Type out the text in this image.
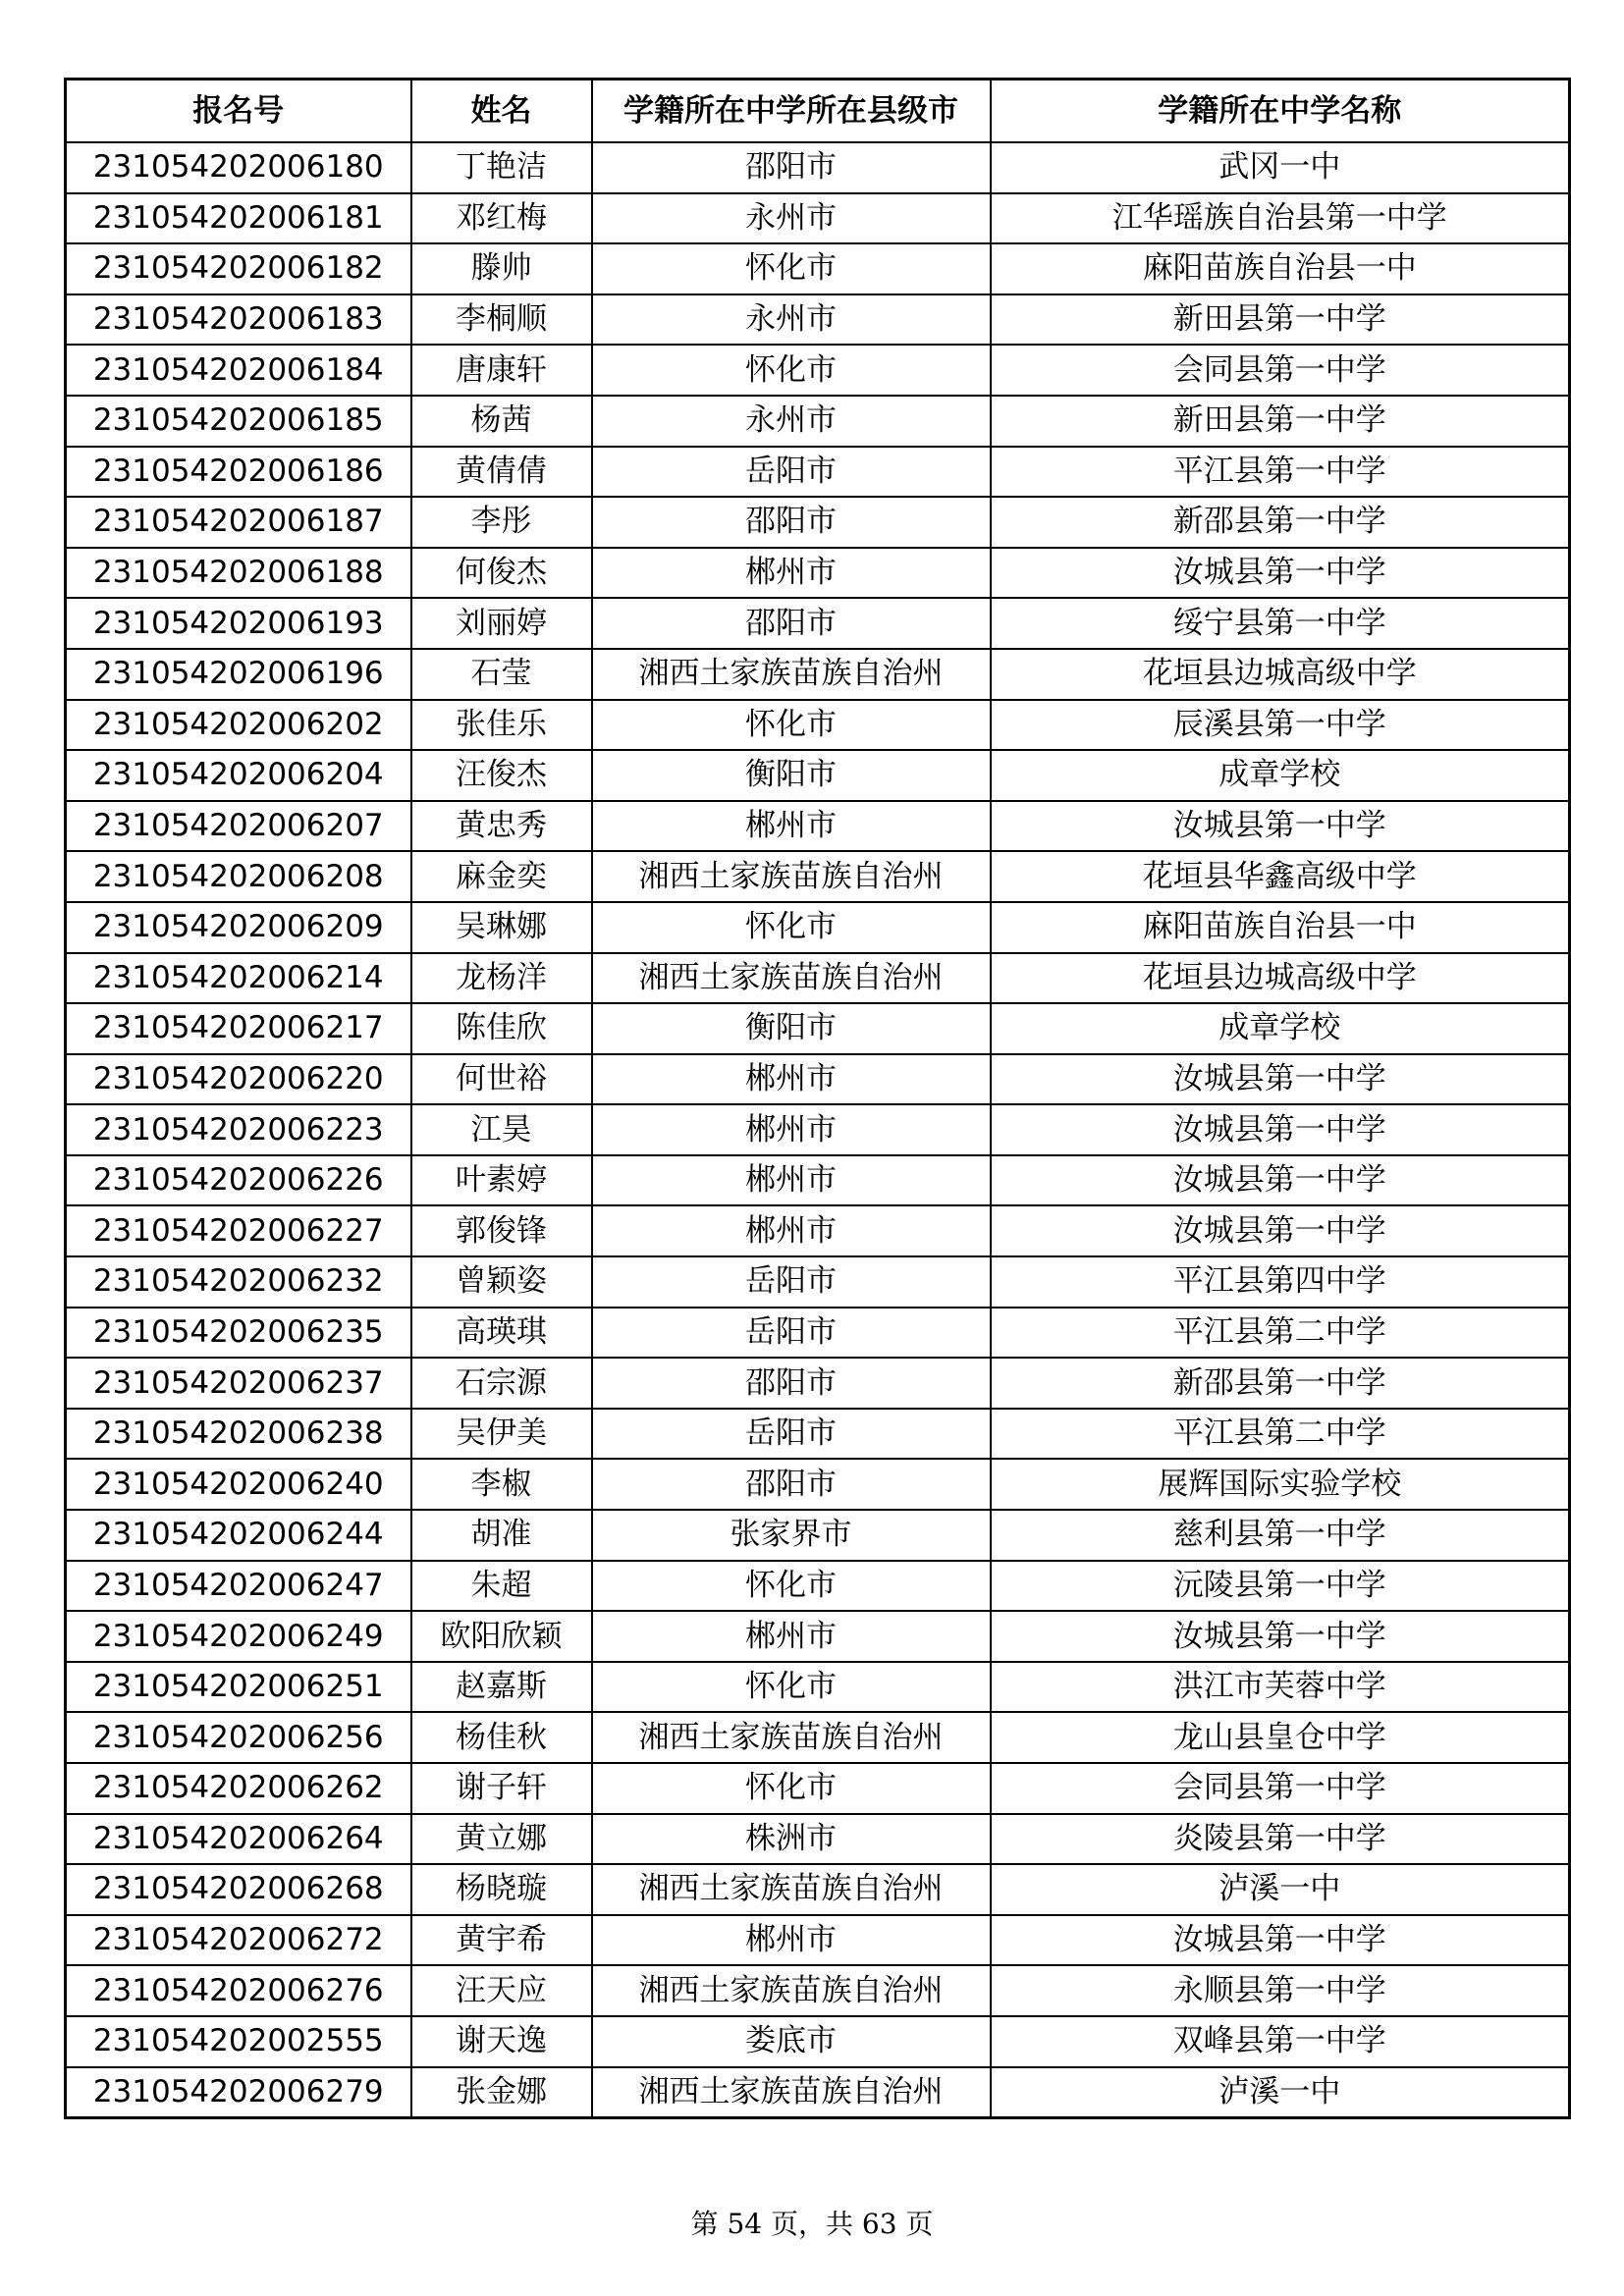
报名号	姓名	学籍所在中学所在县级市	学籍所在中学名称
231054202006180	丁艳洁	邵阳市	武冈一中
231054202006181	邓红梅	永州市	江华瑶族自治县第一中学
231054202006182	滕帅	怀化市	麻阳苗族自治县一中
231054202006183	李桐顺	永州市	新田县第一中学
231054202006184	唐康轩	怀化市	会同县第一中学
231054202006185	杨茜	永州市	新田县第一中学
231054202006186	黄倩倩	岳阳市	平江县第一中学
231054202006187	李彤	邵阳市	新邵县第一中学
231054202006188	何俊杰	郴州市	汝城县第一中学
231054202006193	刘丽婷	邵阳市	绥宁县第一中学
231054202006196	石莹	湘西土家族苗族自治州	花垣县边城高级中学
231054202006202	张佳乐	怀化市	辰溪县第一中学
231054202006204	汪俊杰	衡阳市	成章学校
231054202006207	黄忠秀	郴州市	汝城县第一中学
231054202006208	麻金奕	湘西土家族苗族自治州	花垣县华鑫高级中学
231054202006209	吴琳娜	怀化市	麻阳苗族自治县一中
231054202006214	龙杨洋	湘西土家族苗族自治州	花垣县边城高级中学
231054202006217	陈佳欣	衡阳市	成章学校
231054202006220	何世裕	郴州市	汝城县第一中学
231054202006223	江昊	郴州市	汝城县第一中学
231054202006226	叶素婷	郴州市	汝城县第一中学
231054202006227	郭俊锋	郴州市	汝城县第一中学
231054202006232	曾颖姿	岳阳市	平江县第四中学
231054202006235	高瑛琪	岳阳市	平江县第二中学
231054202006237	石宗源	邵阳市	新邵县第一中学
231054202006238	吴伊美	岳阳市	平江县第二中学
231054202006240	李椒	邵阳市	展辉国际实验学校
231054202006244	胡准	张家界市	慈利县第一中学
231054202006247	朱超	怀化市	沅陵县第一中学
231054202006249	欧阳欣颖	郴州市	汝城县第一中学
231054202006251	赵嘉斯	怀化市	洪江市芙蓉中学
231054202006256	杨佳秋	湘西土家族苗族自治州	龙山县皇仓中学
231054202006262	谢子轩	怀化市	会同县第一中学
231054202006264	黄立娜	株洲市	炎陵县第一中学
231054202006268	杨晓璇	湘西土家族苗族自治州	泸溪一中
231054202006272	黄宇希	郴州市	汝城县第一中学
231054202006276	汪天应	湘西土家族苗族自治州	永顺县第一中学
231054202002555	谢天逸	娄底市	双峰县第一中学
231054202006279	张金娜	湘西土家族苗族自治州	泸溪一中
第 54 页，共 63 页
